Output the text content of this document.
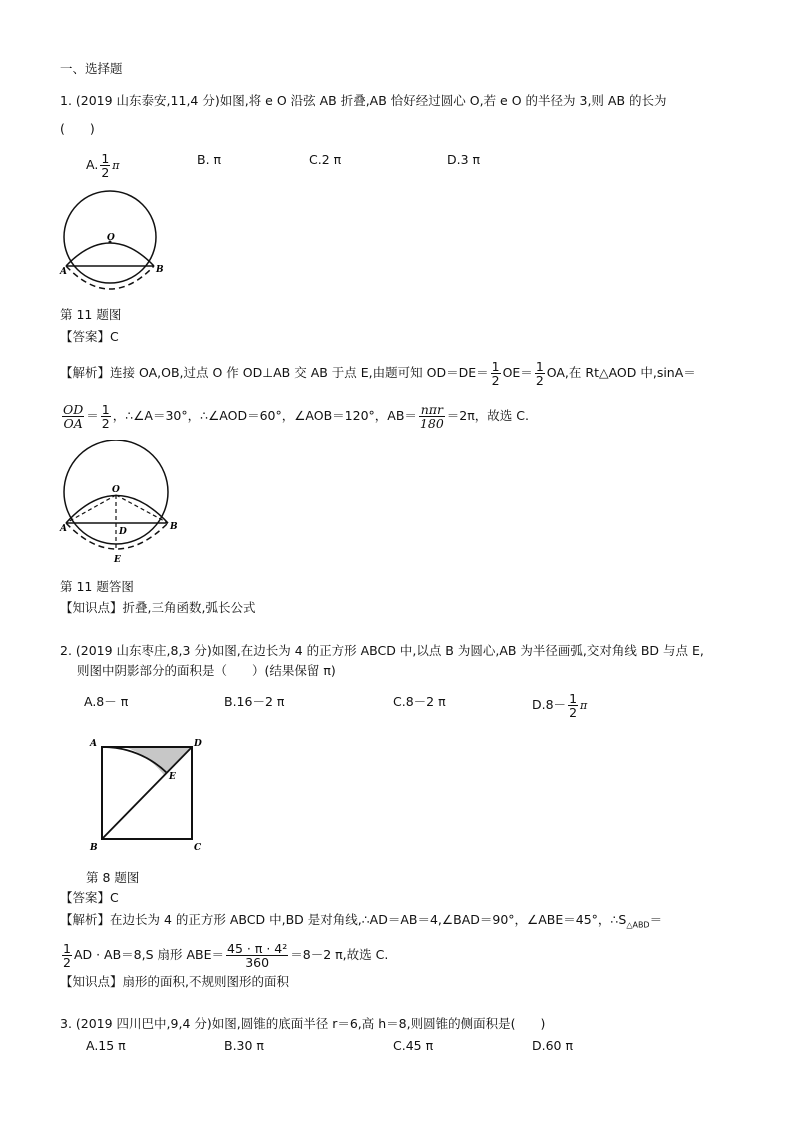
一、选择题
1. (2019 山东泰安,11,4 分)如图,将 e O 沿弦 AB 折叠,AB 恰好经过圆心 O,若 e O 的半径为 3,则 AB 的长为
(　　)
A. $\frac{1}{2}$ π	B. π	C.2 π	D.3 π
O
A	B
第 11 题图
【答案】C
【解析】连接 OA,OB,过点 O 作 OD⊥AB 交 AB 于点 E,由题可知 $OD=DE= \frac{1}{2} OE= \frac{1}{2}$ OA,在 Rt△AOD 中,sinA＝
$\frac{OD}{OA} = \frac{1}{2}$ ，∴∠A＝30°，∴∠AOD＝60°，∠AOB＝120°，$AB= \frac{\text{nπr}}{180} =2\pi$，故选 C.
O
A	B
D
E
第 11 题答图
【知识点】折叠,三角函数,弧长公式
2. (2019 山东枣庄,8,3 分)如图,在边长为 4 的正方形 ABCD 中,以点 B 为圆心,AB 为半径画弧,交对角线 BD 与点 E,
则图中阴影部分的面积是（　　）(结果保留 π)
A.8－ π	B.16－2 π	C.8－2 π	$D.8- \frac{1}{2}$ π
A	D
E
B	C
第 8 题图
【答案】C
【解析】在边长为 4 的正方形 ABCD 中,BD 是对角线,∴AD＝AB＝4,∠BAD＝90°，∠ABE＝45°，$\therefore S_{\triangle ABD}=$
$\frac{1}{2}$ AD · AB＝8,S 扇形 $ABE= \frac{\text{45 · π · 4²}}{360} =8-2$ π,故选 C.
【知识点】扇形的面积,不规则图形的面积
3. (2019 四川巴中,9,4 分)如图,圆锥的底面半径 r＝6,高 h＝8,则圆锥的侧面积是(　　)
A.15 π	B.30 π	C.45 π	D.60 π
